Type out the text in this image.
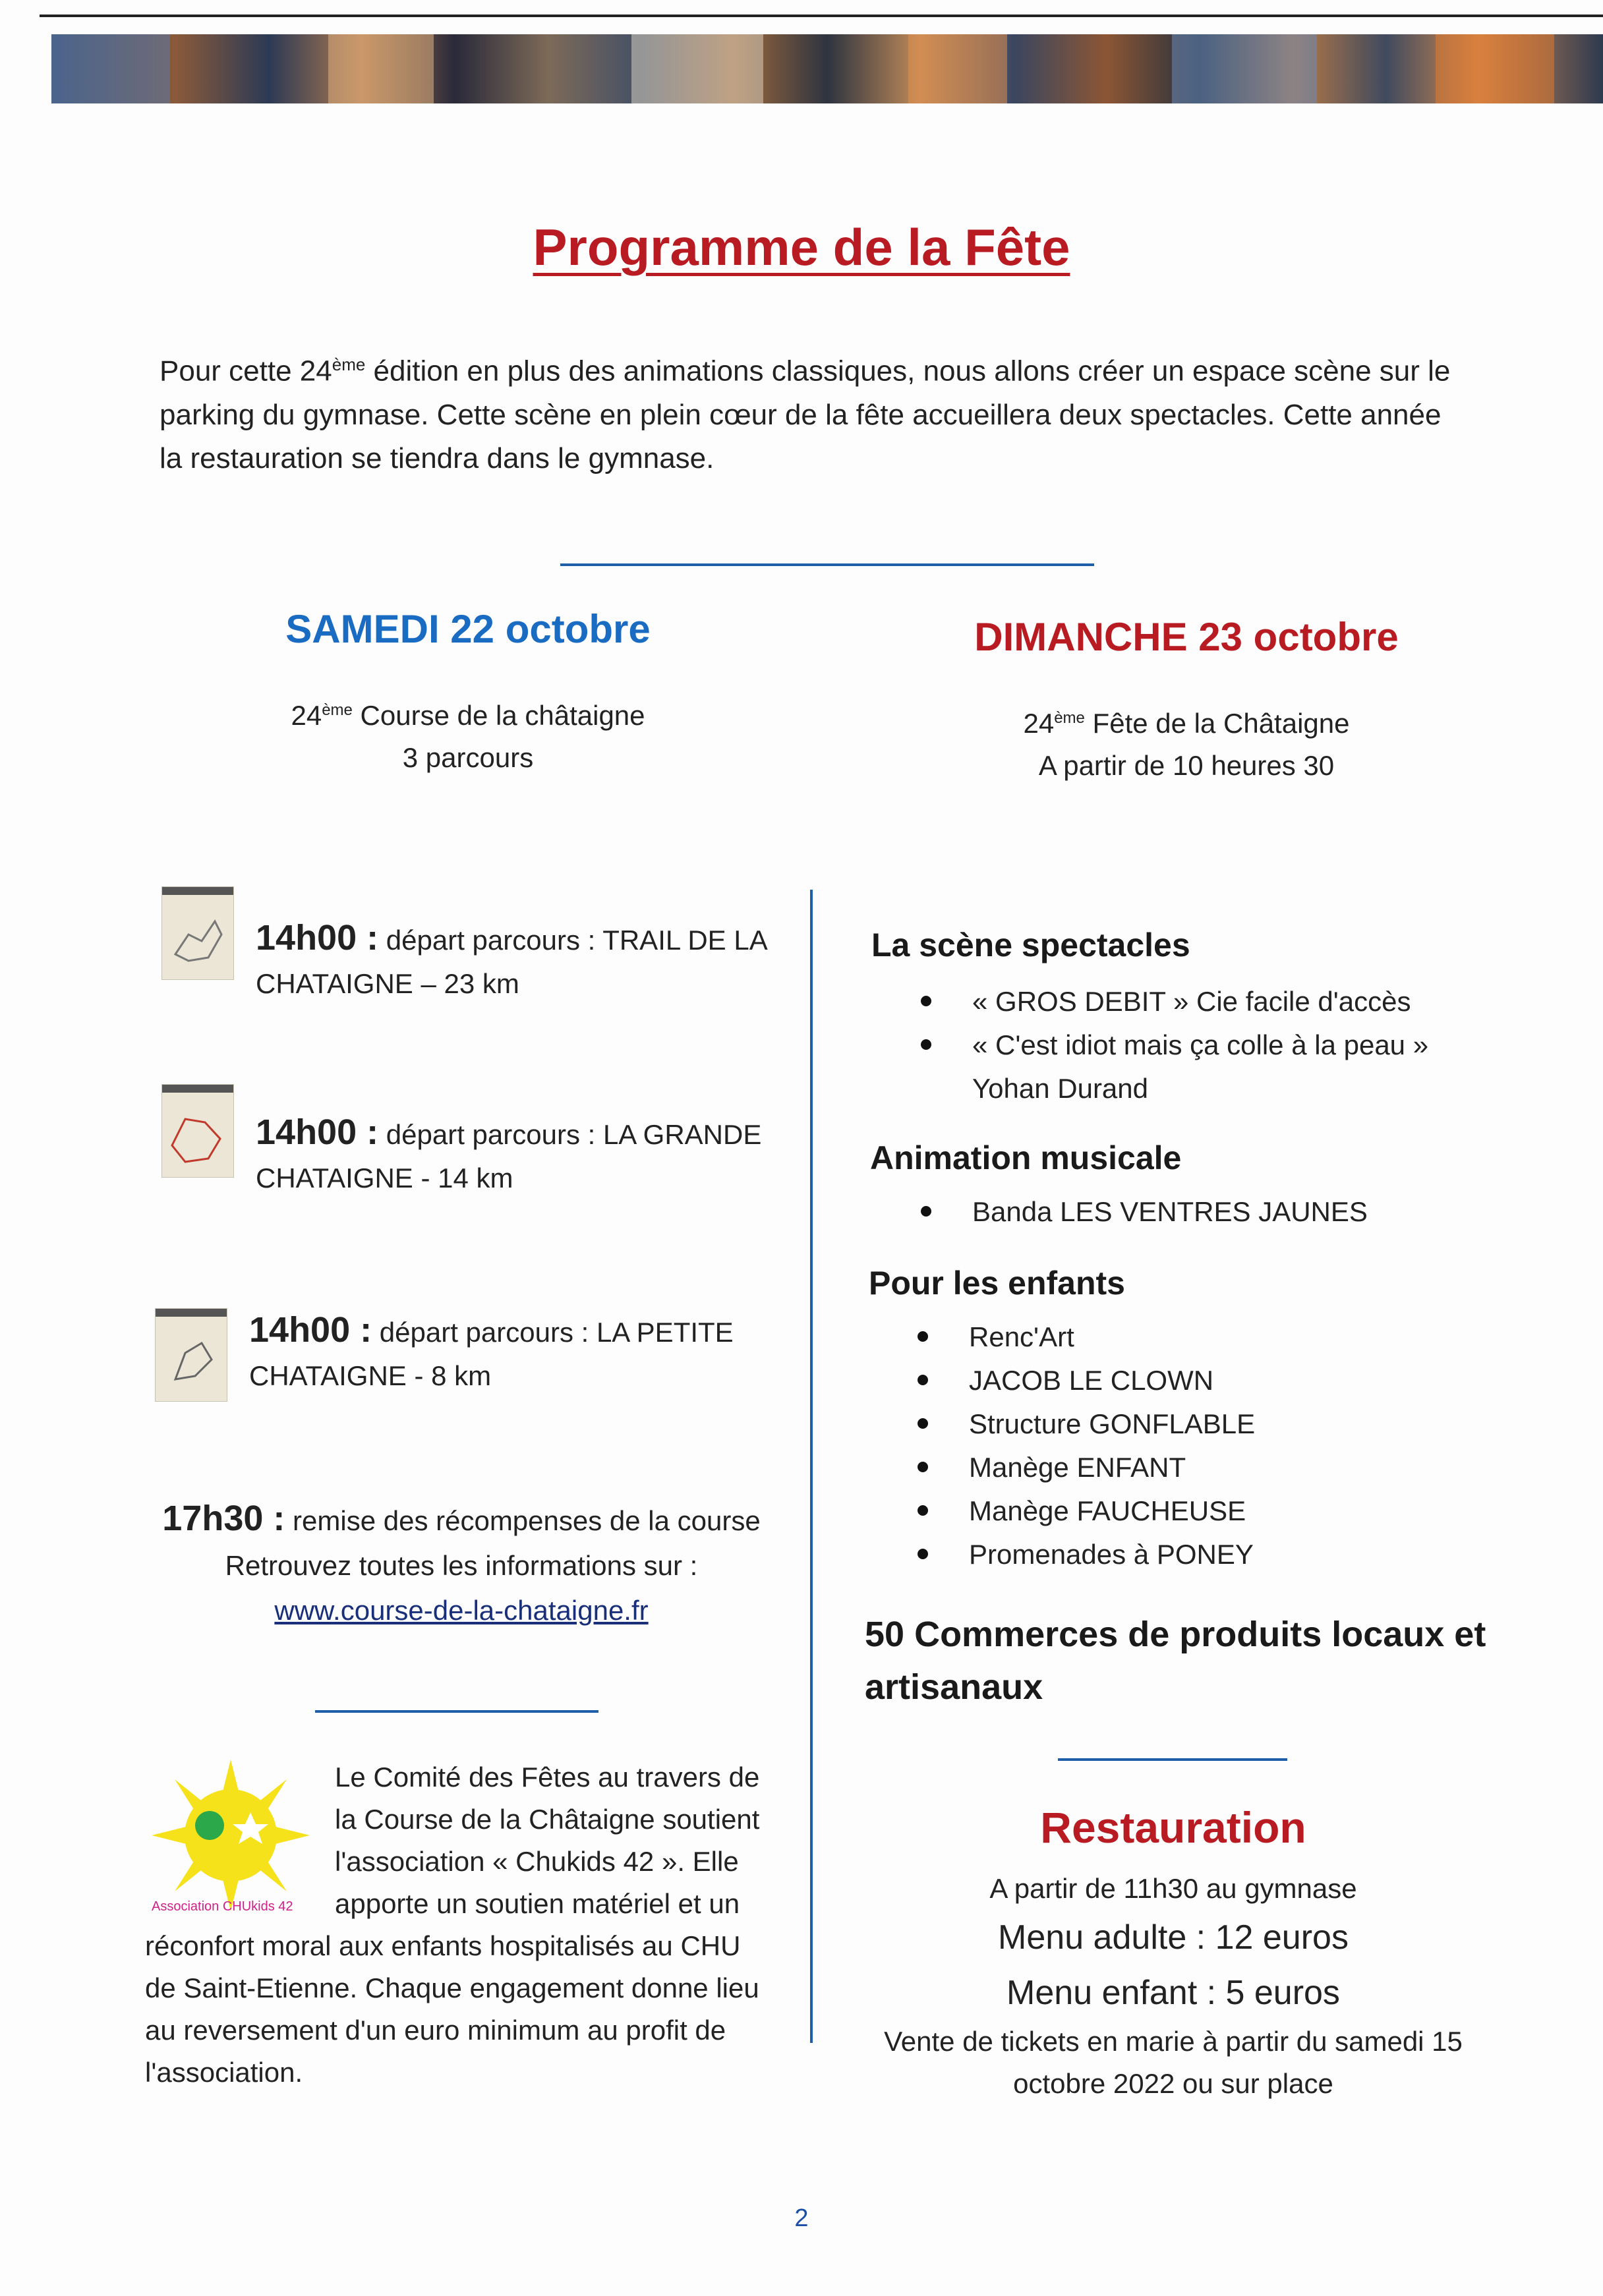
Programme de la Fête
Pour cette 24ème édition en plus des animations classiques, nous allons créer un espace scène sur le
parking du gymnase. Cette scène en plein cœur de la fête accueillera deux spectacles. Cette année
la restauration se tiendra dans le gymnase.
SAMEDI 22 octobre
24ème Course de la châtaigne
3 parcours
DIMANCHE 23 octobre
24ème Fête de la Châtaigne
A partir de 10 heures 30
14h00 : départ parcours : TRAIL DE LA
CHATAIGNE – 23 km
14h00 : départ parcours : LA GRANDE
CHATAIGNE - 14 km
14h00 : départ parcours : LA PETITE
CHATAIGNE - 8 km
17h30 : remise des récompenses de la course
Retrouvez toutes les informations sur :
www.course-de-la-chataigne.fr
Association CHUkids 42
Le Comité des Fêtes au travers de
la Course de la Châtaigne soutient
l'association « Chukids 42 ». Elle
apporte un soutien matériel et un
réconfort moral aux enfants hospitalisés au CHU
de Saint-Etienne. Chaque engagement donne lieu
au reversement d'un euro minimum au profit de
l'association.
La scène spectacles
« GROS DEBIT » Cie facile d'accès
« C'est idiot mais ça colle à la peau »
Yohan Durand
Animation musicale
Banda LES VENTRES JAUNES
Pour les enfants
Renc'Art
JACOB LE CLOWN
Structure GONFLABLE
Manège ENFANT
Manège FAUCHEUSE
Promenades à PONEY
50 Commerces de produits locaux et
artisanaux
Restauration
A partir de 11h30 au gymnase
Menu adulte : 12 euros
Menu enfant : 5 euros
Vente de tickets en marie à partir du samedi 15
octobre 2022 ou sur place
2
